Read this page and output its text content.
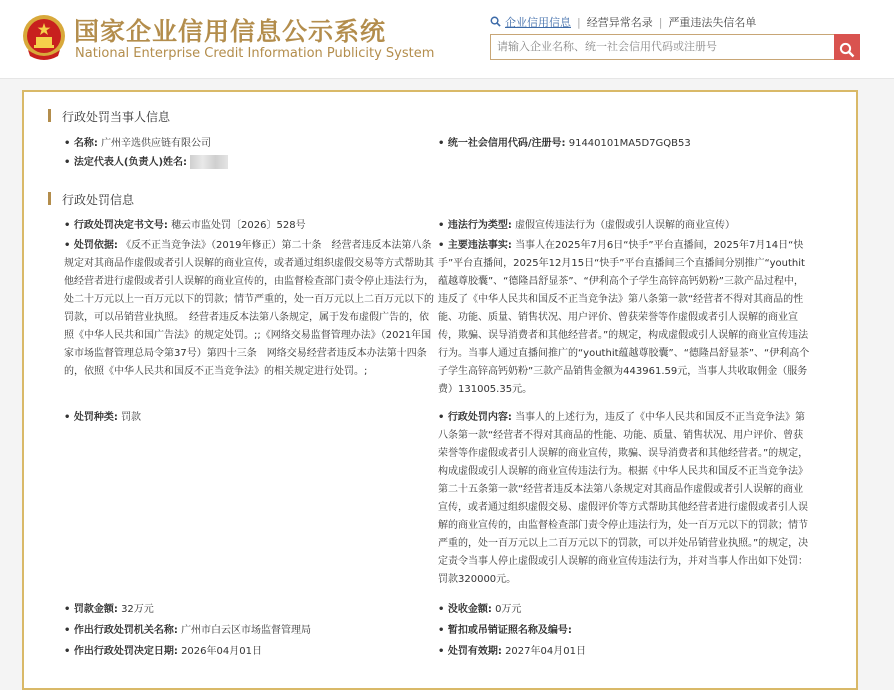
国家企业信用信息公示系统
National Enterprise Credit Information Publicity System
企业信用信息 | 经营异常名录 | 严重违法失信名单
请输入企业名称、统一社会信用代码或注册号
行政处罚当事人信息
• 名称: 广州辛选供应链有限公司	• 统一社会信用代码/注册号: 91440101MA5D7GQB53
• 法定代表人(负责人)姓名:
行政处罚信息
• 行政处罚决定书文号: 穗云市监处罚〔2026〕528号	• 违法行为类型: 虚假宣传违法行为（虚假或引人误解的商业宣传）
• 处罚依据: 《反不正当竞争法》（2019年修正）第二十条　经营者违反本法第八条规定对其商品作虚假或者引人误解的商业宣传，或者通过组织虚假交易等方式帮助其他经营者进行虚假或者引人误解的商业宣传的，由监督检查部门责令停止违法行为，处二十万元以上一百万元以下的罚款；情节严重的，处一百万元以上二百万元以下的罚款，可以吊销营业执照。　经营者违反本法第八条规定，属于发布虚假广告的，依照《中华人民共和国广告法》的规定处罚。;;《网络交易监督管理办法》（2021年国家市场监督管理总局令第37号）第四十三条　网络交易经营者违反本办法第十四条的，依照《中华人民共和国反不正当竞争法》的相关规定进行处罚。;
• 主要违法事实: 当事人在2025年7月6日“快手”平台直播间，2025年7月14日“快手”平台直播间，2025年12月15日“快手”平台直播间三个直播间分别推广“youthit蕴越尊胶囊”、“德隆昌舒显茶”、“伊利高个子学生高锌高钙奶粉”三款产品过程中，违反了《中华人民共和国反不正当竞争法》第八条第一款“经营者不得对其商品的性能、功能、质量、销售状况、用户评价、曾获荣誉等作虚假或者引人误解的商业宣传，欺骗、误导消费者和其他经营者。”的规定，构成虚假或引人误解的商业宣传违法行为。当事人通过直播间推广的“youthit蕴越尊胶囊”、“德隆昌舒显茶”、“伊利高个子学生高锌高钙奶粉”三款产品销售金额为443961.59元，当事人共收取佣金（服务费）131005.35元。
• 处罚种类: 罚款	• 行政处罚内容: 当事人的上述行为，违反了《中华人民共和国反不正当竞争法》第八条第一款“经营者不得对其商品的性能、功能、质量、销售状况、用户评价、曾获荣誉等作虚假或者引人误解的商业宣传，欺骗、误导消费者和其他经营者。”的规定，构成虚假或引人误解的商业宣传违法行为。根据《中华人民共和国反不正当竞争法》第二十五条第一款“经营者违反本法第八条规定对其商品作虚假或者引人误解的商业宣传，或者通过组织虚假交易、虚假评价等方式帮助其他经营者进行虚假或者引人误解的商业宣传的，由监督检查部门责令停止违法行为，处一百万元以下的罚款；情节严重的，处一百万元以上二百万元以下的罚款，可以并处吊销营业执照。”的规定，决定责令当事人停止虚假或引人误解的商业宣传违法行为，并对当事人作出如下处罚：罚款320000元。
• 罚款金额: 32万元	• 没收金额: 0万元
• 作出行政处罚机关名称: 广州市白云区市场监督管理局	• 暂扣或吊销证照名称及编号:
• 作出行政处罚决定日期: 2026年04月01日	• 处罚有效期: 2027年04月01日
